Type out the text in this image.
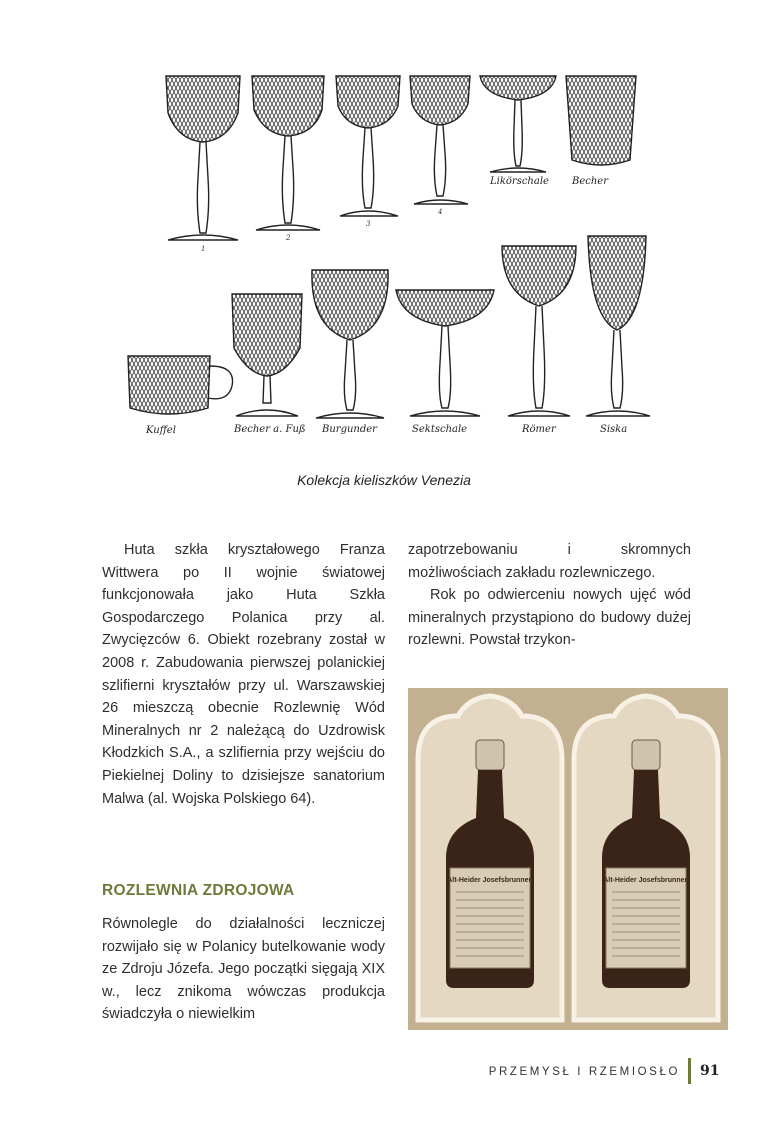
1
2
3
4
Likörschale Becher
Kuffel	Becher a. Fuß Burgunder	Sektschale	Römer	Siska
Kolekcja kieliszków Venezia

Huta szkła kryształowego Franza Wittwera po II wojnie światowej funkcjonowała jako Huta Szkła Gospodarczego Polanica przy al. Zwycięzców 6. Obiekt rozebrany został w 2008 r. Zabudowania pierwszej polanickiej szlifierni kryształów przy ul. Warszawskiej 26 mieszczą obecnie Rozlewnię Wód Mineralnych nr 2 należącą do Uzdrowisk Kłodzkich S.A., a szlifiernia przy wejściu do Piekielnej Doliny to dzisiejsze sanatorium Malwa (al. Wojska Polskiego 64).

ROZLEWNIA ZDROJOWA

Równolegle do działalności leczniczej rozwijało się w Polanicy butelkowanie wody ze Zdroju Józefa. Jego początki sięgają XIX w., lecz znikoma wówczas produkcja świadczyła o niewielkim

zapotrzebowaniu i skromnych możliwościach zakładu rozlewniczego.

Rok po odwierceniu nowych ujęć wód mineralnych przystąpiono do budowy dużej rozlewni. Powstał trzykon-

Alt-Heider Josefsbrunnen	Alt-Heider Josefsbrunnen
PRZEMYSŁ I RZEMIOSŁO 91
